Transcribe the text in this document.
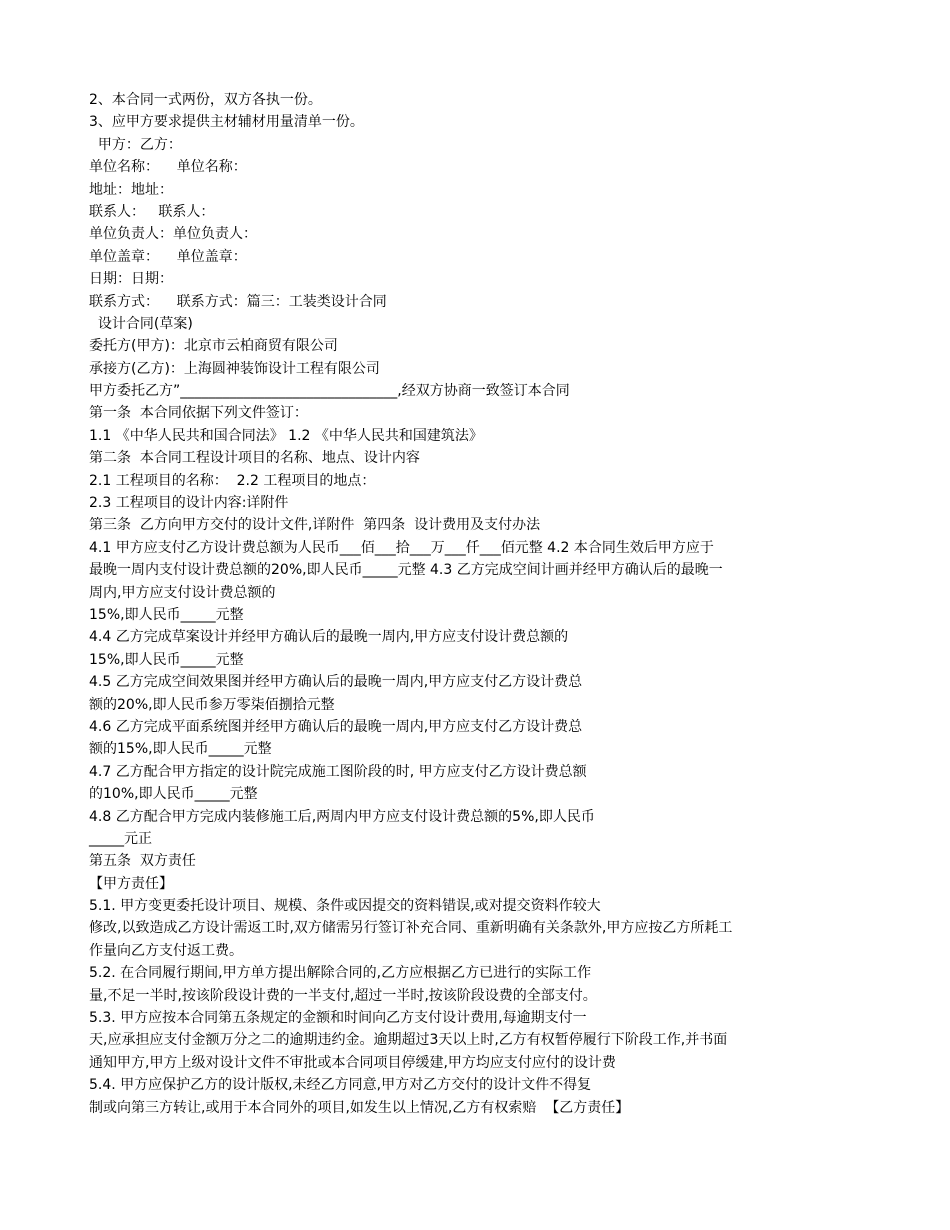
2、本合同一式两份，双方各执一份。
3、应甲方要求提供主材辅材用量清单一份。
甲方：乙方：
单位名称：    单位名称：
地址：地址：
联系人：   联系人：
单位负责人：单位负责人：
单位盖章：    单位盖章：
日期：日期：
联系方式：    联系方式：篇三：工装类设计合同
设计合同(草案)
委托方(甲方)：北京市云柏商贸有限公司
承接方(乙方)：上海圆神装饰设计工程有限公司
甲方委托乙方”_______________________________,经双方协商一致签订本合同
第一条  本合同依据下列文件签订：
1.1 《中华人民共和国合同法》 1.2 《中华人民共和国建筑法》
第二条  本合同工程设计项目的名称、地点、设计内容
2.1 工程项目的名称：  2.2 工程项目的地点：
2.3 工程项目的设计内容:详附件
第三条  乙方向甲方交付的设计文件,详附件  第四条  设计费用及支付办法
4.1 甲方应支付乙方设计费总额为人民币___佰___拾___万___仟___佰元整 4.2 本合同生效后甲方应于
最晚一周内支付设计费总额的20%,即人民币_____元整 4.3 乙方完成空间计画并经甲方确认后的最晚一
周内,甲方应支付设计费总额的
15%,即人民币_____元整
4.4 乙方完成草案设计并经甲方确认后的最晚一周内,甲方应支付设计费总额的
15%,即人民币_____元整
4.5 乙方完成空间效果图并经甲方确认后的最晚一周内,甲方应支付乙方设计费总
额的20%,即人民币参万零柒佰捌拾元整
4.6 乙方完成平面系统图并经甲方确认后的最晚一周内,甲方应支付乙方设计费总
额的15%,即人民币_____元整
4.7 乙方配合甲方指定的设计院完成施工图阶段的时, 甲方应支付乙方设计费总额
的10%,即人民币_____元整
4.8 乙方配合甲方完成内装修施工后,两周内甲方应支付设计费总额的5%,即人民币
_____元正
第五条  双方责任
【甲方责任】
5.1. 甲方变更委托设计项目、规模、条件或因提交的资料错误,或对提交资料作较大
修改,以致造成乙方设计需返工时,双方储需另行签订补充合同、重新明确有关条款外,甲方应按乙方所耗工
作量向乙方支付返工费。
5.2. 在合同履行期间,甲方单方提出解除合同的,乙方应根据乙方已进行的实际工作
量,不足一半时,按该阶段设计费的一半支付,超过一半时,按该阶段设费的全部支付。
5.3. 甲方应按本合同第五条规定的金额和时间向乙方支付设计费用,每逾期支付一
天,应承担应支付金额万分之二的逾期违约金。逾期超过3天以上时,乙方有权暂停履行下阶段工作,并书面
通知甲方,甲方上级对设计文件不审批或本合同项目停缓建,甲方均应支付应付的设计费
5.4. 甲方应保护乙方的设计版权,未经乙方同意,甲方对乙方交付的设计文件不得复
制或向第三方转让,或用于本合同外的项目,如发生以上情况,乙方有权索赔  【乙方责任】
